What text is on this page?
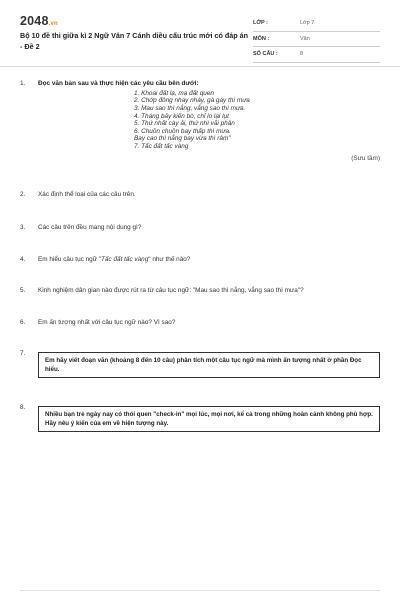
2048.vn
Bộ 10 đề thi giữa kì 2 Ngữ Văn 7 Cánh diều cấu trúc mới có đáp án - Đề 2
LỚP :	Lớp 7
MÔN :	Văn
SỐ CÂU :	8
1.	Đọc văn bản sau và thực hiện các yêu cầu bên dưới:
1. Khoai đất lạ, mạ đất quen
2. Chớp đông nhay nháy, gà gáy thì mưa
3. Mau sao thì nắng, vắng sao thì mưa.
4. Tháng bảy kiến bò, chỉ lo lại lụt
5. Thứ nhất cày ải, thứ nhì vãi phân
6. Chuồn chuồn bay thấp thì mưa.
Bay cao thì nắng bay vừa thì râm"
7. Tấc đất tấc vàng
(Sưu tầm)
2.	Xác định thể loại của các câu trên.
3.	Các câu trên đều mang nội dung gì?
4.	Em hiểu câu tục ngữ "Tấc đất tấc vàng" như thế nào?
5.	Kinh nghiệm dân gian nào được rút ra từ câu tục ngữ: "Mau sao thì nắng, vắng sao thì mưa"?
6.	Em ấn tượng nhất với câu tục ngữ nào? Vì sao?
7.
Em hãy viết đoạn văn (khoảng 8 đến 10 câu) phân tích một câu tục ngữ mà mình ấn tượng nhất ở phần Đọc hiểu.
8.
Nhiều bạn trẻ ngày nay có thói quen "check-in" mọi lúc, mọi nơi, kể cả trong những hoàn cảnh không phù hợp. Hãy nêu ý kiến của em về hiện tượng này.
